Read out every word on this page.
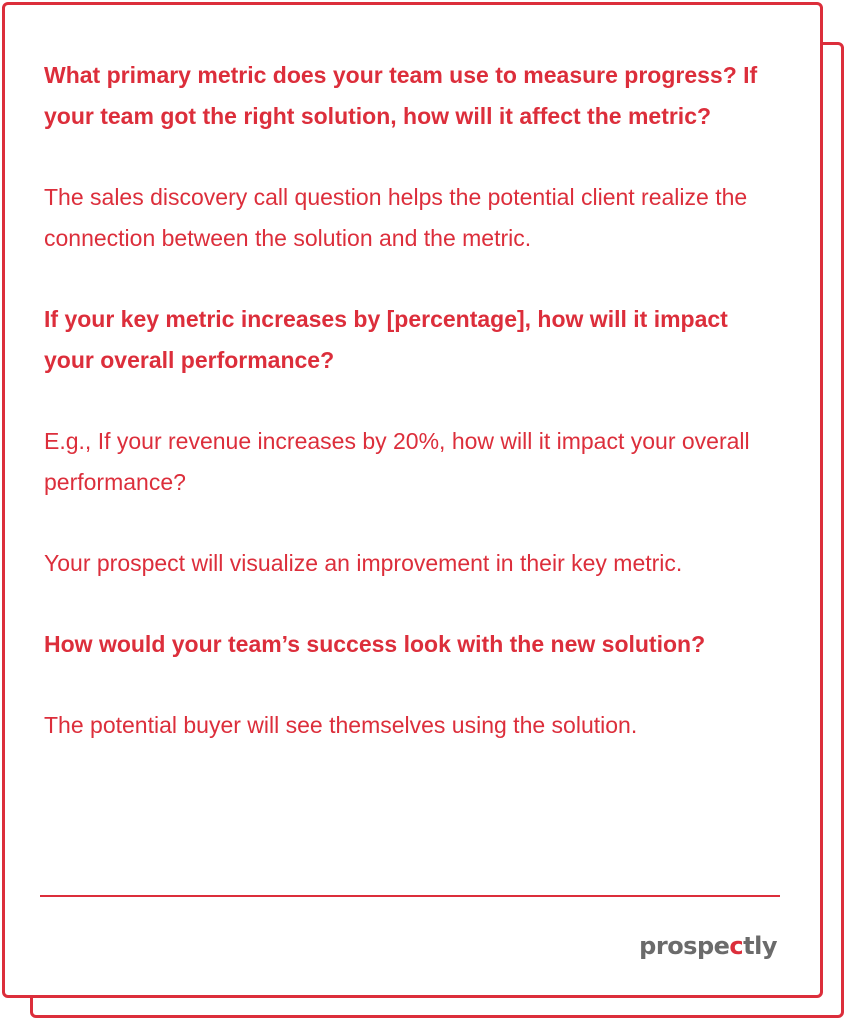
What primary metric does your team use to measure progress? If your team got the right solution, how will it affect the metric?

The sales discovery call question helps the potential client realize the connection between the solution and the metric.

If your key metric increases by [percentage], how will it impact your overall performance?

E.g., If your revenue increases by 20%, how will it impact your overall performance?

Your prospect will visualize an improvement in their key metric.

How would your team’s success look with the new solution?

The potential buyer will see themselves using the solution.

prospectly
